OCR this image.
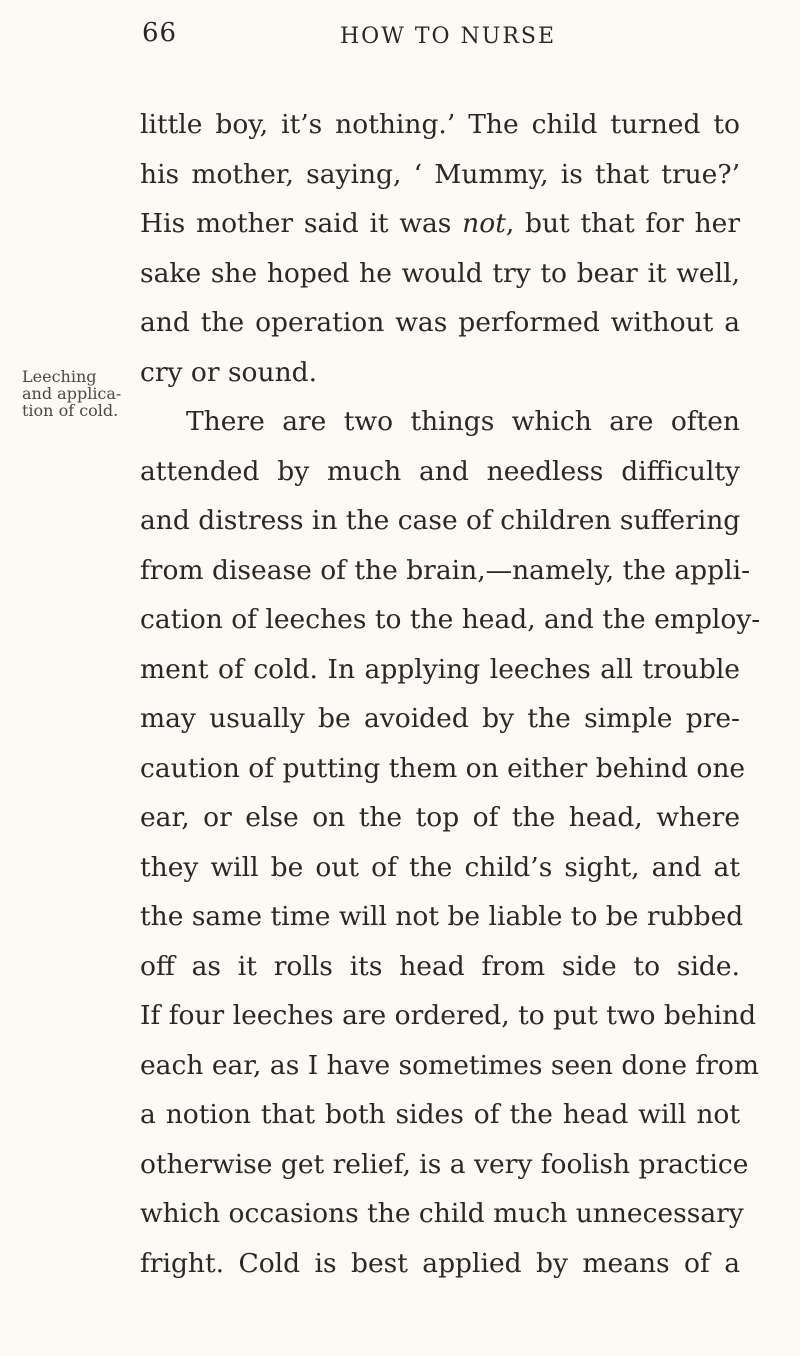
66	HOW TO NURSE
Leeching
and applica-
tion of cold.
little boy, it’s nothing.’ The child turned to
his mother, saying, ‘ Mummy, is that true?’
His mother said it was not, but that for her
sake she hoped he would try to bear it well,
and the operation was performed without a
cry or sound.
There are two things which are often
attended by much and needless difficulty
and distress in the case of children suffering
from disease of the brain,—namely, the appli-
cation of leeches to the head, and the employ-
ment of cold. In applying leeches all trouble
may usually be avoided by the simple pre-
caution of putting them on either behind one
ear, or else on the top of the head, where
they will be out of the child’s sight, and at
the same time will not be liable to be rubbed
off as it rolls its head from side to side.
If four leeches are ordered, to put two behind
each ear, as I have sometimes seen done from
a notion that both sides of the head will not
otherwise get relief, is a very foolish practice
which occasions the child much unnecessary
fright. Cold is best applied by means of a
